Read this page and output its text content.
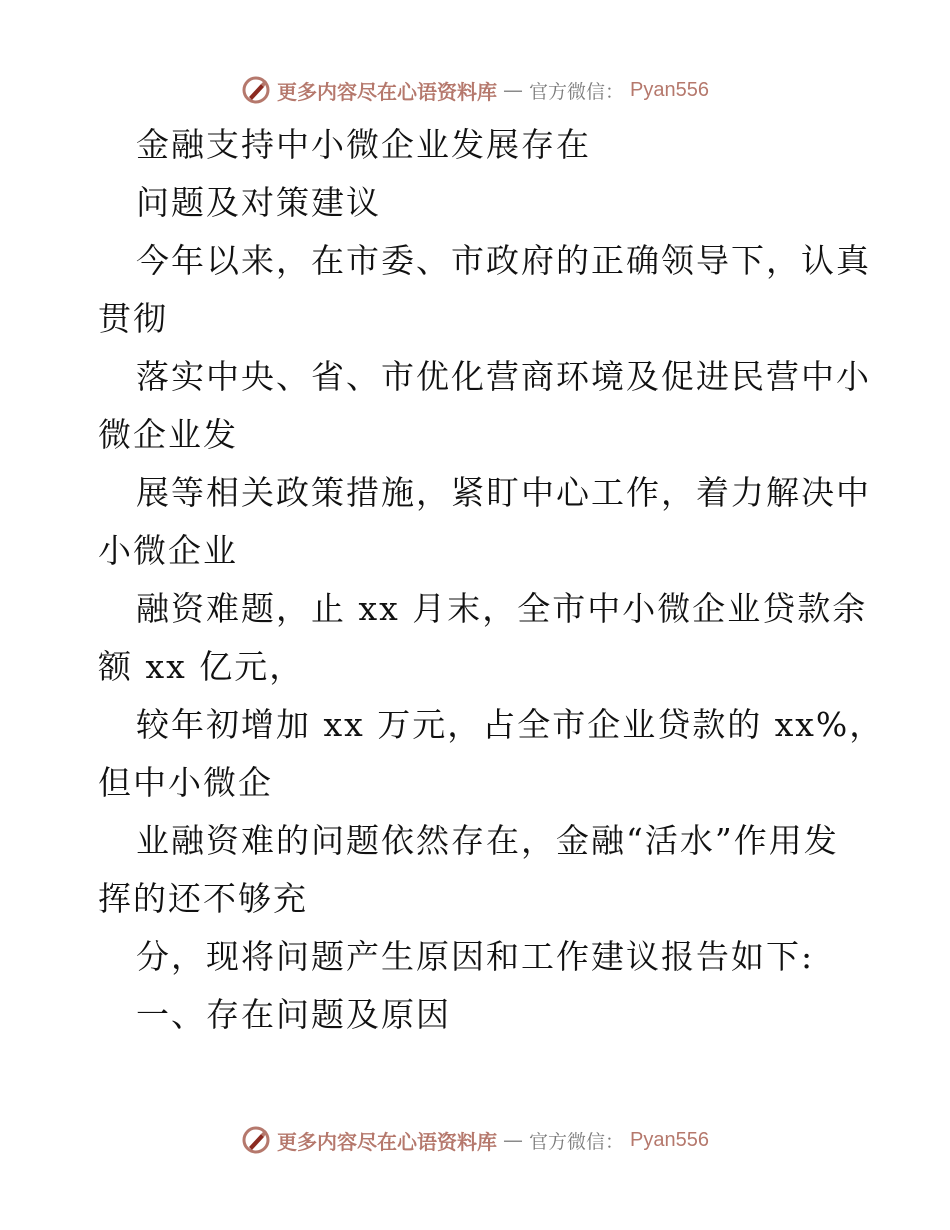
更多内容尽在心语资料库 — 官方微信： Pyan556
金融支持中小微企业发展存在
问题及对策建议
今年以来，在市委、市政府的正确领导下，认真
贯彻
落实中央、省、市优化营商环境及促进民营中小
微企业发
展等相关政策措施，紧盯中心工作，着力解决中
小微企业
融资难题，止 xx 月末，全市中小微企业贷款余
额 xx 亿元，
较年初增加 xx 万元，占全市企业贷款的 xx%，
但中小微企
业融资难的问题依然存在，金融“活水”作用发
挥的还不够充
分，现将问题产生原因和工作建议报告如下:
一、存在问题及原因
更多内容尽在心语资料库 — 官方微信： Pyan556
